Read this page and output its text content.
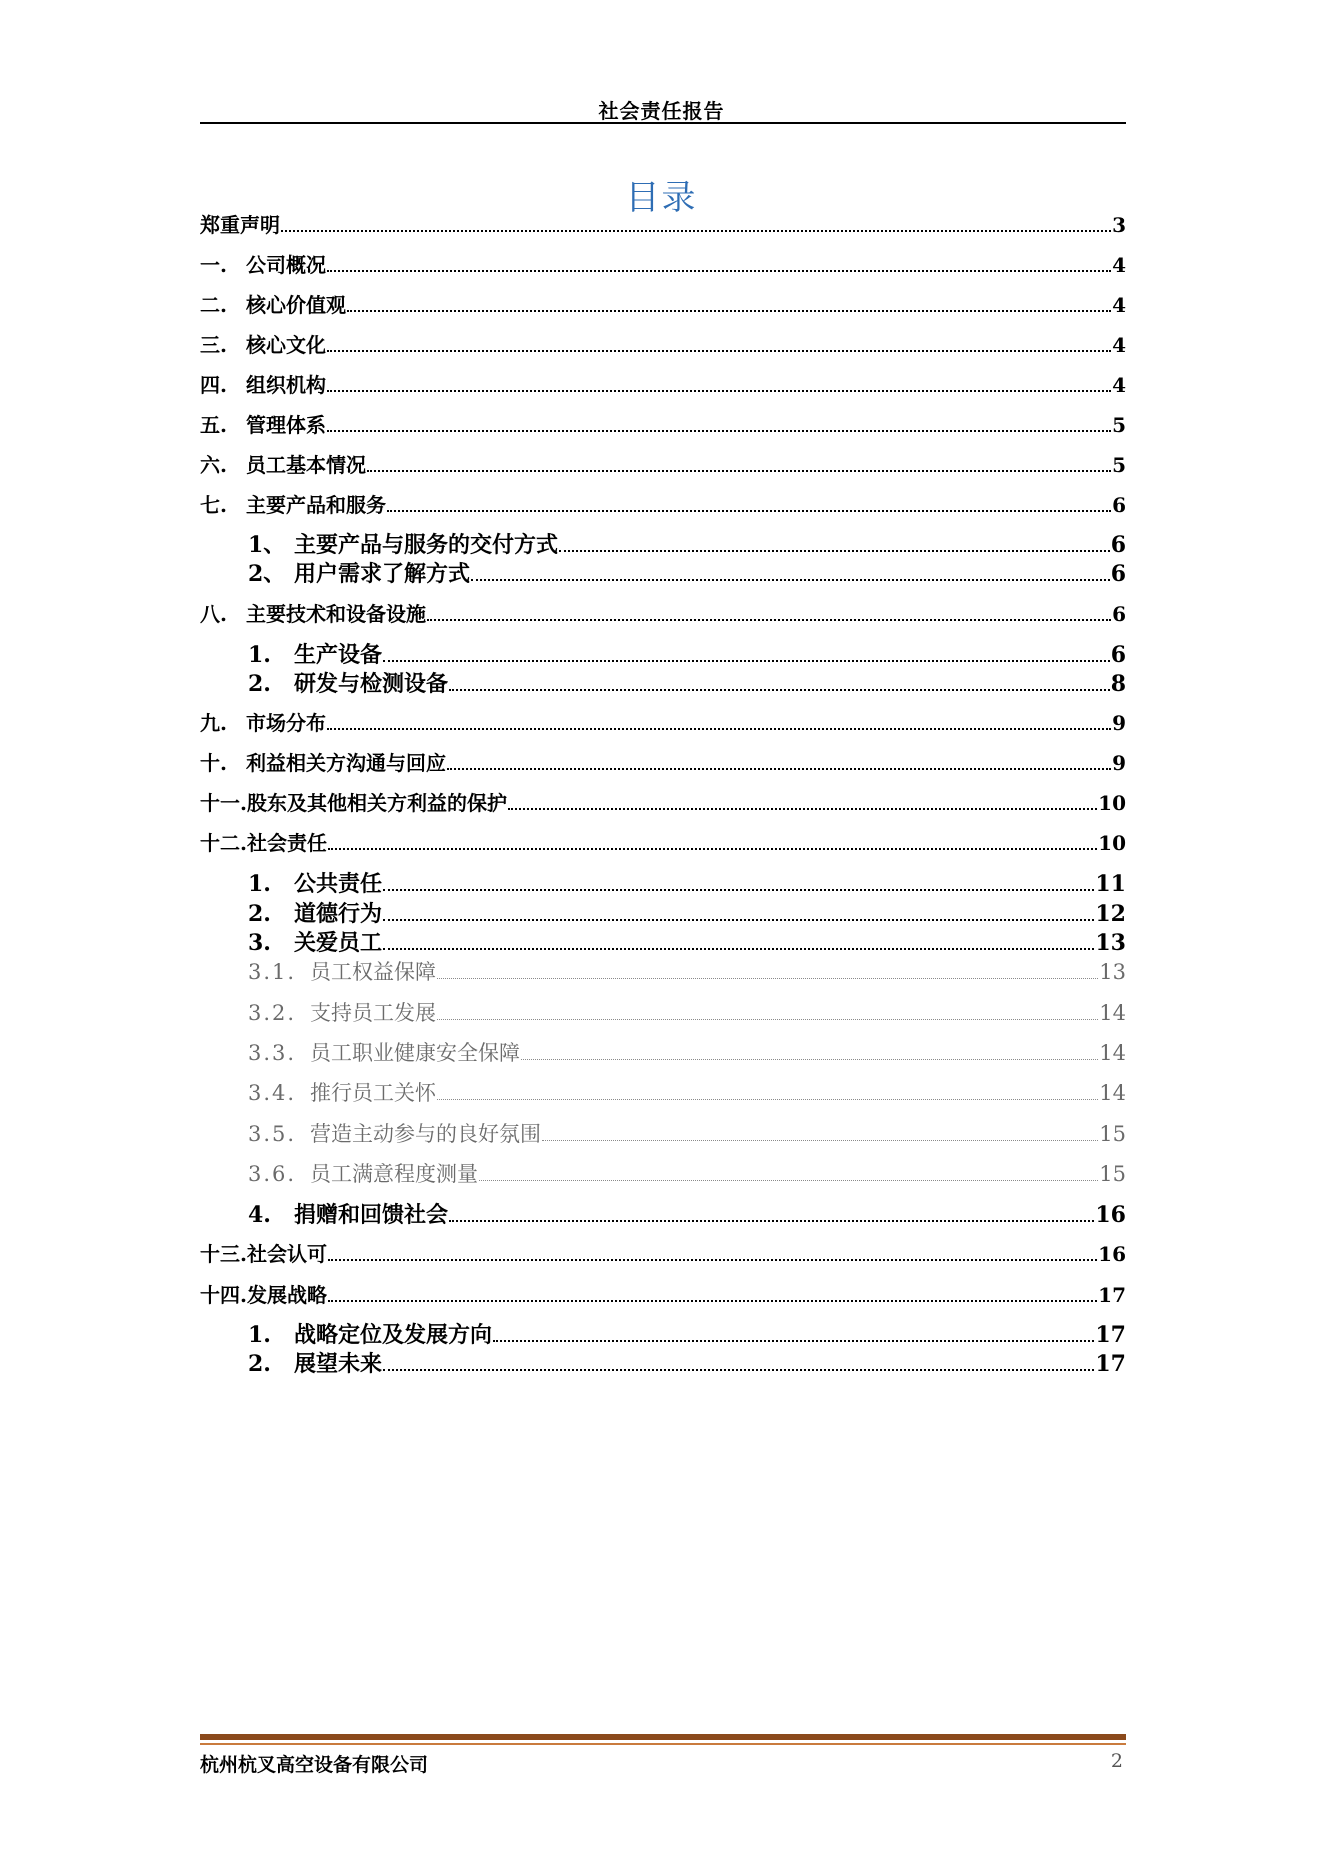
社会责任报告
目录
郑重声明	3
一. 公司概况	4
二. 核心价值观	4
三. 核心文化	4
四. 组织机构	4
五. 管理体系	5
六. 员工基本情况	5
七. 主要产品和服务	6
1、 主要产品与服务的交付方式	6
2、 用户需求了解方式	6
八. 主要技术和设备设施	6
1. 生产设备	6
2. 研发与检测设备	8
九. 市场分布	9
十. 利益相关方沟通与回应	9
十一.股东及其他相关方利益的保护	10
十二.社会责任	10
1. 公共责任	11
2. 道德行为	12
3. 关爱员工	13
3.1. 员工权益保障	13
3.2. 支持员工发展	14
3.3. 员工职业健康安全保障	14
3.4. 推行员工关怀	14
3.5. 营造主动参与的良好氛围	15
3.6. 员工满意程度测量	15
4. 捐赠和回馈社会	16
十三.社会认可	16
十四.发展战略	17
1. 战略定位及发展方向	17
2. 展望未来	17
杭州杭叉高空设备有限公司	2
